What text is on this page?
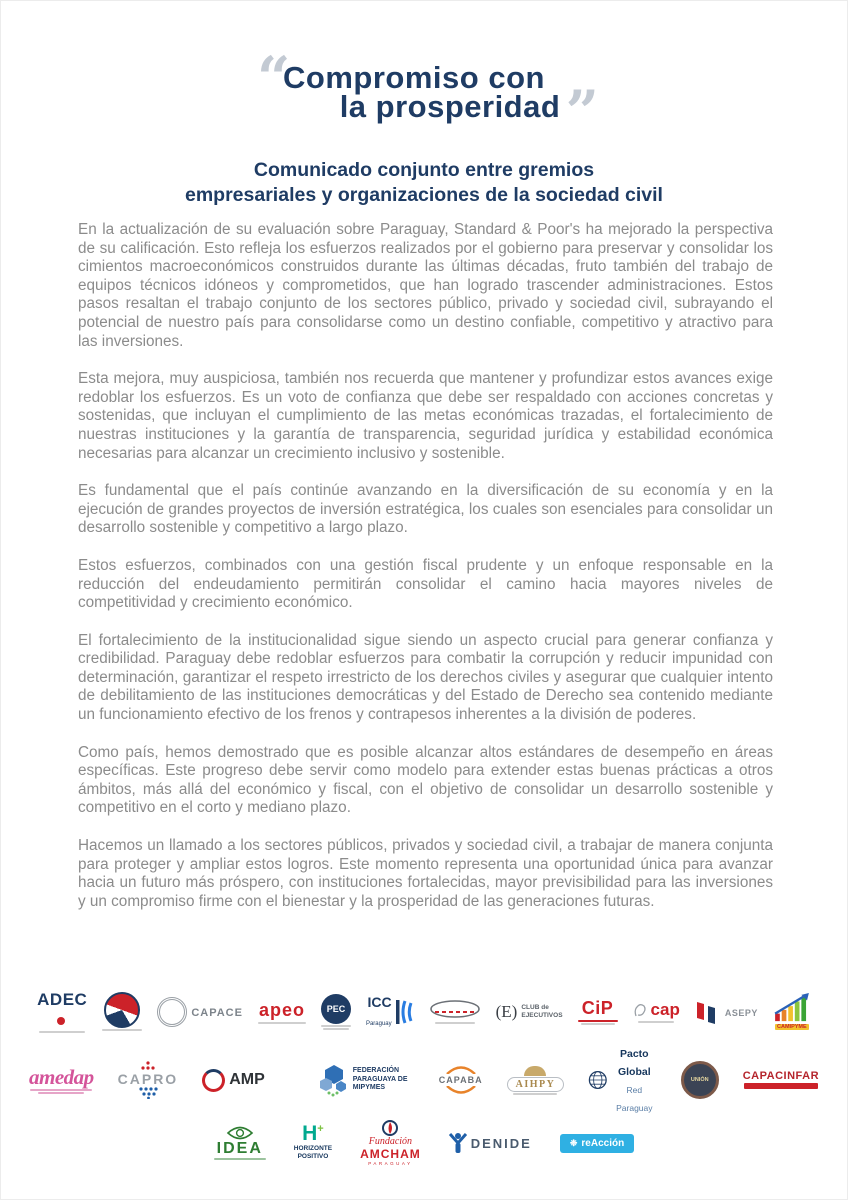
“
Compromiso con
la prosperidad ”
Comunicado conjunto entre gremios
empresariales y organizaciones de la sociedad civil

En la actualización de su evaluación sobre Paraguay, Standard & Poor's ha mejorado la perspectiva de su calificación. Esto refleja los esfuerzos realizados por el gobierno para preservar y consolidar los cimientos macroeconómicos construidos durante las últimas décadas, fruto también del trabajo de equipos técnicos idóneos y comprometidos, que han logrado trascender administraciones. Estos pasos resaltan el trabajo conjunto de los sectores público, privado y sociedad civil, subrayando el potencial de nuestro país para consolidarse como un destino confiable, competitivo y atractivo para las inversiones.

Esta mejora, muy auspiciosa, también nos recuerda que mantener y profundizar estos avances exige redoblar los esfuerzos. Es un voto de confianza que debe ser respaldado con acciones concretas y sostenidas, que incluyan el cumplimiento de las metas económicas trazadas, el fortalecimiento de nuestras instituciones y la garantía de transparencia, seguridad jurídica y estabilidad económica necesarias para alcanzar un crecimiento inclusivo y sostenible.

Es fundamental que el país continúe avanzando en la diversificación de su economía y en la ejecución de grandes proyectos de inversión estratégica, los cuales son esenciales para consolidar un desarrollo sostenible y competitivo a largo plazo.

Estos esfuerzos, combinados con una gestión fiscal prudente y un enfoque responsable en la reducción del endeudamiento permitirán consolidar el camino hacia mayores niveles de competitividad y crecimiento económico.

El fortalecimiento de la institucionalidad sigue siendo un aspecto crucial para generar confianza y credibilidad. Paraguay debe redoblar esfuerzos para combatir la corrupción y reducir impunidad con determinación, garantizar el respeto irrestricto de los derechos civiles y asegurar que cualquier intento de debilitamiento de las instituciones democráticas y del Estado de Derecho sea contenido mediante un funcionamiento efectivo de los frenos y contrapesos inherentes a la división de poderes.

Como país, hemos demostrado que es posible alcanzar altos estándares de desempeño en áreas específicas. Este progreso debe servir como modelo para extender estas buenas prácticas a otros ámbitos, más allá del económico y fiscal, con el objetivo de consolidar un desarrollo sostenible y competitivo en el corto y mediano plazo.

Hacemos un llamado a los sectores públicos, privados y sociedad civil, a trabajar de manera conjunta para proteger y ampliar estos logros. Este momento representa una oportunidad única para avanzar hacia un futuro más próspero, con instituciones fortalecidas, mayor previsibilidad para las inversiones y un compromiso firme con el bienestar y la prosperidad de las generaciones futuras.

ADEC
CAPACE apeo	PEC	ICC
Paraguay
(E) CLUB de
EJECUTIVOS CiP cap	ASEPY

CAMIPYME
amedap CAPRO	AMP
FEDERACIÓN PARAGUAYA DE MIPYMES
CAPABA	AIHPY
Pacto Global
Red Paraguay
UNIÓN	CAPACINFAR
IDEA
H+
HORIZONTE
POSITIVO
Fundación
AMCHAM
PARAGUAY
DENIDE	❉ reAcción
